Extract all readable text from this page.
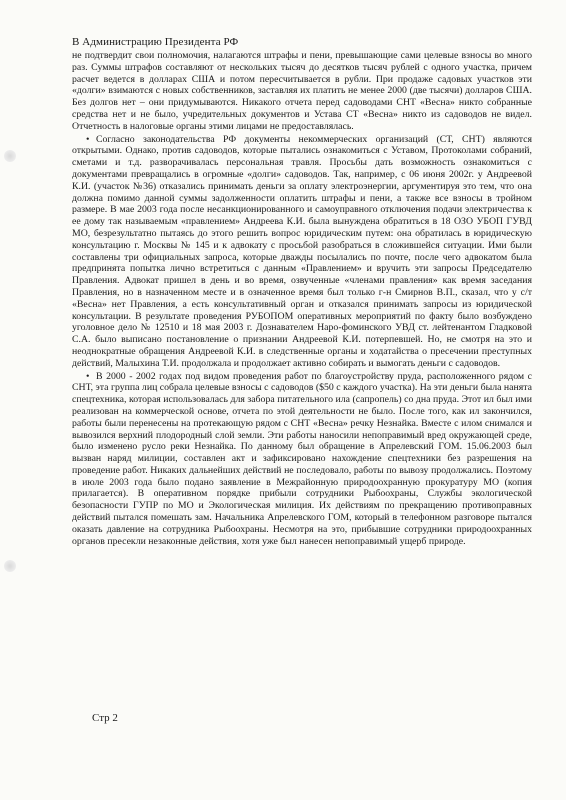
В Администрацию Президента РФ

не подтвердит свои полномочия, налагаются штрафы и пени, превышающие сами целевые взносы во много раз. Суммы штрафов составляют от нескольких тысяч до десятков тысяч рублей с одного участка, причем расчет ведется в долларах США и потом пересчитывается в рубли. При продаже садовых участков эти «долги» взимаются с новых собственников, заставляя их платить не менее 2000 (две тысячи) долларов США. Без долгов нет – они придумываются. Никакого отчета перед садоводами СНТ «Весна» никто собранные средства нет и не было, учредительных документов и Устава СТ «Весна» никто из садоводов не видел. Отчетность в налоговые органы этими лицами не предоставлялась.

• Согласно законодательства РФ документы некоммерческих организаций (СТ, СНТ) являются открытыми. Однако, против садоводов, которые пытались ознакомиться с Уставом, Протоколами собраний, сметами и т.д. разворачивалась персональная травля. Просьбы дать возможность ознакомиться с документами превращались в огромные «долги» садоводов. Так, например, с 06 июня 2002г. у Андреевой К.И. (участок №36) отказались принимать деньги за оплату электроэнергии, аргументируя это тем, что она должна помимо данной суммы задолженности оплатить штрафы и пени, а также все взносы в тройном размере. В мае 2003 года после несанкционированного и самоуправного отключения подачи электричества к ее дому так называемым «правлением» Андреева К.И. была вынуждена обратиться в 18 ОЗО УБОП ГУВД МО, безрезультатно пытаясь до этого решить вопрос юридическим путем: она обратилась в юридическую консультацию г. Москвы № 145 и к адвокату с просьбой разобраться в сложившейся ситуации. Ими были составлены три официальных запроса, которые дважды посылались по почте, после чего адвокатом была предпринята попытка лично встретиться с данным «Правлением» и вручить эти запросы Председателю Правления. Адвокат пришел в день и во время, озвученные «членами правления» как время заседания Правления, но в назначенном месте и в означенное время был только г-н Смирнов В.П., сказал, что у с/т «Весна» нет Правления, а есть консультативный орган и отказался принимать запросы из юридической консультации. В результате проведения РУБОПОМ оперативных мероприятий по факту было возбуждено уголовное дело № 12510 и 18 мая 2003 г. Дознавателем Наро-фоминского УВД ст. лейтенантом Гладковой С.А. было выписано постановление о признании Андреевой К.И. потерпевшей. Но, не смотря на это и неоднократные обращения Андреевой К.И. в следственные органы и ходатайства о пресечении преступных действий, Малыхина Т.И. продолжала и продолжает активно собирать и вымогать деньги с садоводов.

• В 2000 - 2002 годах под видом проведения работ по благоустройству пруда, расположенного рядом с СНТ, эта группа лиц собрала целевые взносы с садоводов ($50 с каждого участка). На эти деньги была нанята спецтехника, которая использовалась для забора питательного ила (сапропель) со дна пруда. Этот ил был ими реализован на коммерческой основе, отчета по этой деятельности не было. После того, как ил закончился, работы были перенесены на протекающую рядом с СНТ «Весна» речку Незнайка. Вместе с илом снимался и вывозился верхний плодородный слой земли. Эти работы наносили непоправимый вред окружающей среде, было изменено русло реки Незнайка. По данному был обращение в Апрелевский ГОМ. 15.06.2003 был вызван наряд милиции, составлен акт и зафиксировано нахождение спецтехники без разрешения на проведение работ. Никаких дальнейших действий не последовало, работы по вывозу продолжались. Поэтому в июле 2003 года было подано заявление в Межрайонную природоохранную прокуратуру МО (копия прилагается). В оперативном порядке прибыли сотрудники Рыбоохраны, Службы экологической безопасности ГУПР по МО и Экологическая милиция. Их действиям по прекращению противоправных действий пытался помешать зам. Начальника Апрелевского ГОМ, который в телефонном разговоре пытался оказать давление на сотрудника Рыбоохраны. Несмотря на это, прибывшие сотрудники природоохранных органов пресекли незаконные действия, хотя уже был нанесен непоправимый ущерб природе.

Стр 2
